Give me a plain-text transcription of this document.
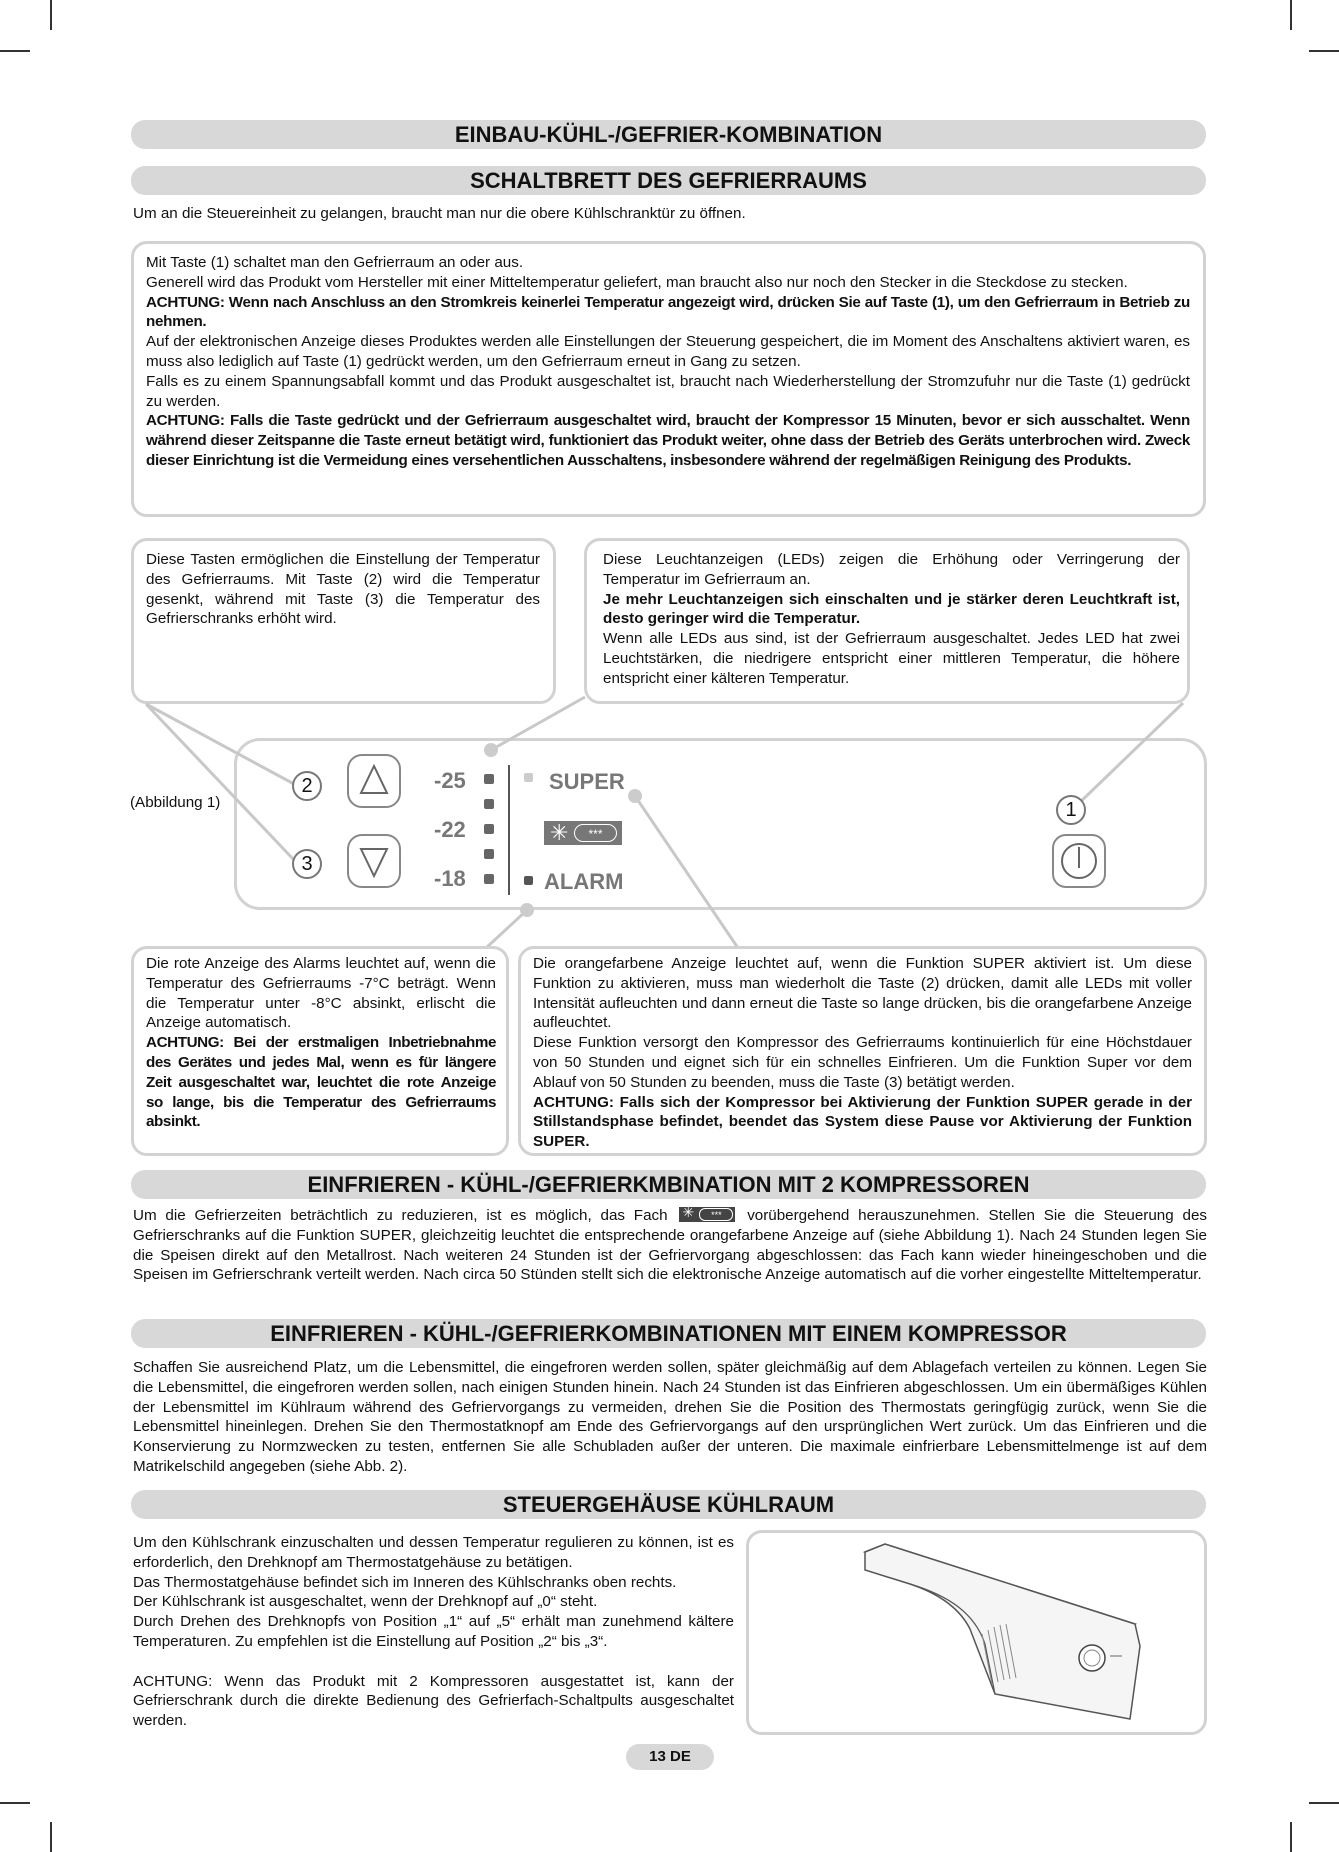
EINBAU-KÜHL-/GEFRIER-KOMBINATION
SCHALTBRETT DES GEFRIERRAUMS
Um an die Steuereinheit zu gelangen, braucht man nur die obere Kühlschranktür zu öffnen.
Mit Taste (1) schaltet man den Gefrierraum an oder aus.
Generell wird das Produkt vom Hersteller mit einer Mitteltemperatur geliefert, man braucht also nur noch den Stecker in die Steckdose zu stecken.
ACHTUNG: Wenn nach Anschluss an den Stromkreis keinerlei Temperatur angezeigt wird, drücken Sie auf Taste (1), um den Gefrierraum in Betrieb zu nehmen.
Auf der elektronischen Anzeige dieses Produktes werden alle Einstellungen der Steuerung gespeichert, die im Moment des Anschaltens aktiviert waren, es muss also lediglich auf Taste (1) gedrückt werden, um den Gefrierraum erneut in Gang zu setzen.
Falls es zu einem Spannungsabfall kommt und das Produkt ausgeschaltet ist, braucht nach Wiederherstellung der Stromzufuhr nur die Taste (1) gedrückt zu werden.
ACHTUNG: Falls die Taste gedrückt und der Gefrierraum ausgeschaltet wird, braucht der Kompressor 15 Minuten, bevor er sich ausschaltet. Wenn während dieser Zeitspanne die Taste erneut betätigt wird, funktioniert das Produkt weiter, ohne dass der Betrieb des Geräts unterbrochen wird. Zweck dieser Einrichtung ist die Vermeidung eines versehentlichen Ausschaltens, insbesondere während der regelmäßigen Reinigung des Produkts.
Diese Tasten ermöglichen die Einstellung der Temperatur des Gefrierraums. Mit Taste (2) wird die Temperatur gesenkt, während mit Taste (3) die Temperatur des Gefrierschranks erhöht wird.
Diese Leuchtanzeigen (LEDs) zeigen die Erhöhung oder Verringerung der Temperatur im Gefrierraum an.
Je mehr Leuchtanzeigen sich einschalten und je stärker deren Leuchtkraft ist, desto geringer wird die Temperatur.
Wenn alle LEDs aus sind, ist der Gefrierraum ausgeschaltet. Jedes LED hat zwei Leuchtstärken, die niedrigere entspricht einer mittleren Temperatur, die höhere entspricht einer kälteren Temperatur.
(Abbildung 1)
2
3
1
-25
-22
-18
SUPER
✳	***
ALARM
Die rote Anzeige des Alarms leuchtet auf, wenn die Temperatur des Gefrierraums -7°C beträgt. Wenn die Temperatur unter -8°C absinkt, erlischt die Anzeige automatisch.
ACHTUNG: Bei der erstmaligen Inbetriebnahme des Gerätes und jedes Mal, wenn es für längere Zeit ausgeschaltet war, leuchtet die rote Anzeige so lange, bis die Temperatur des Gefrierraums absinkt.
Die orangefarbene Anzeige leuchtet auf, wenn die Funktion SUPER aktiviert ist. Um diese Funktion zu aktivieren, muss man wiederholt die Taste (2) drücken, damit alle LEDs mit voller Intensität aufleuchten und dann erneut die Taste so lange drücken, bis die orangefarbene Anzeige aufleuchtet.
Diese Funktion versorgt den Kompressor des Gefrierraums kontinuierlich für eine Höchstdauer von 50 Stunden und eignet sich für ein schnelles Einfrieren. Um die Funktion Super vor dem Ablauf von 50 Stunden zu beenden, muss die Taste (3) betätigt werden.
ACHTUNG: Falls sich der Kompressor bei Aktivierung der Funktion SUPER gerade in der Stillstandsphase befindet, beendet das System diese Pause vor Aktivierung der Funktion SUPER.
EINFRIEREN - KÜHL-/GEFRIERKMBINATION MIT 2 KOMPRESSOREN
Um die Gefrierzeiten beträchtlich zu reduzieren, ist es möglich, das Fach ✳	***	vorübergehend herauszunehmen. Stellen Sie die Steuerung des Gefrierschranks auf die Funktion SUPER, gleichzeitig leuchtet die entsprechende orangefarbene Anzeige auf (siehe Abbildung 1). Nach 24 Stunden legen Sie die Speisen direkt auf den Metallrost. Nach weiteren 24 Stunden ist der Gefriervorgang abgeschlossen: das Fach kann wieder hineingeschoben und die Speisen im Gefrierschrank verteilt werden. Nach circa 50 Stünden stellt sich die elektronische Anzeige automatisch auf die vorher eingestellte Mitteltemperatur.
EINFRIEREN - KÜHL-/GEFRIERKOMBINATIONEN MIT EINEM KOMPRESSOR
Schaffen Sie ausreichend Platz, um die Lebensmittel, die eingefroren werden sollen, später gleichmäßig auf dem Ablagefach verteilen zu können. Legen Sie die Lebensmittel, die eingefroren werden sollen, nach einigen Stunden hinein. Nach 24 Stunden ist das Einfrieren abgeschlossen. Um ein übermäßiges Kühlen der Lebensmittel im Kühlraum während des Gefriervorgangs zu vermeiden, drehen Sie die Position des Thermostats geringfügig zurück, wenn Sie die Lebensmittel hineinlegen. Drehen Sie den Thermostatknopf am Ende des Gefriervorgangs auf den ursprünglichen Wert zurück. Um das Einfrieren und die Konservierung zu Normzwecken zu testen, entfernen Sie alle Schubladen außer der unteren. Die maximale einfrierbare Lebensmittelmenge ist auf dem Matrikelschild angegeben (siehe Abb. 2).
STEUERGEHÄUSE KÜHLRAUM
Um den Kühlschrank einzuschalten und dessen Temperatur regulieren zu können, ist es erforderlich, den Drehknopf am Thermostatgehäuse zu betätigen.
Das Thermostatgehäuse befindet sich im Inneren des Kühlschranks oben rechts.
Der Kühlschrank ist ausgeschaltet, wenn der Drehknopf auf „0“ steht.
Durch Drehen des Drehknopfs von Position „1“ auf „5“ erhält man zunehmend kältere Temperaturen. Zu empfehlen ist die Einstellung auf Position „2“ bis „3“.
ACHTUNG: Wenn das Produkt mit 2 Kompressoren ausgestattet ist, kann der Gefrierschrank durch die direkte Bedienung des Gefrierfach-Schaltpults ausgeschaltet werden.
13 DE
